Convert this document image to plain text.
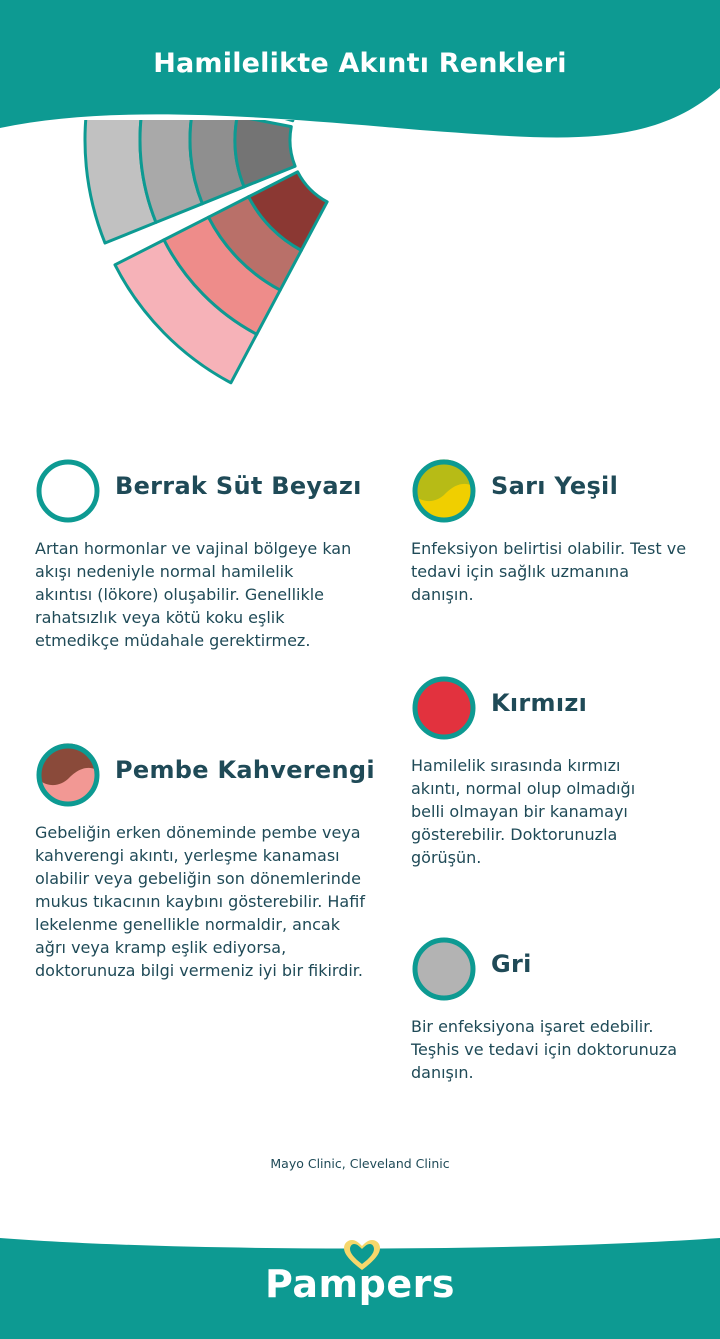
Hamilelikte Akıntı Renkleri
Berrak Süt Beyazı
Artan hormonlar ve vajinal bölgeye kan akışı nedeniyle normal hamilelik akıntısı (lökore) oluşabilir. Genellikle rahatsızlık veya kötü koku eşlik etmedikçe müdahale gerektirmez.
Sarı Yeşil
Enfeksiyon belirtisi olabilir. Test ve tedavi için sağlık uzmanına danışın.
Kırmızı
Hamilelik sırasında kırmızı akıntı, normal olup olmadığı belli olmayan bir kanamayı gösterebilir. Doktorunuzla görüşün.
Pembe Kahverengi
Gebeliğin erken döneminde pembe veya kahverengi akıntı, yerleşme kanaması olabilir veya gebeliğin son dönemlerinde mukus tıkacının kaybını gösterebilir. Hafif lekelenme genellikle normaldir, ancak ağrı veya kramp eşlik ediyorsa, doktorunuza bilgi vermeniz iyi bir fikirdir.	Gri
Bir enfeksiyona işaret edebilir. Teşhis ve tedavi için doktorunuza danışın.
Mayo Clinic, Cleveland Clinic
Pampers
